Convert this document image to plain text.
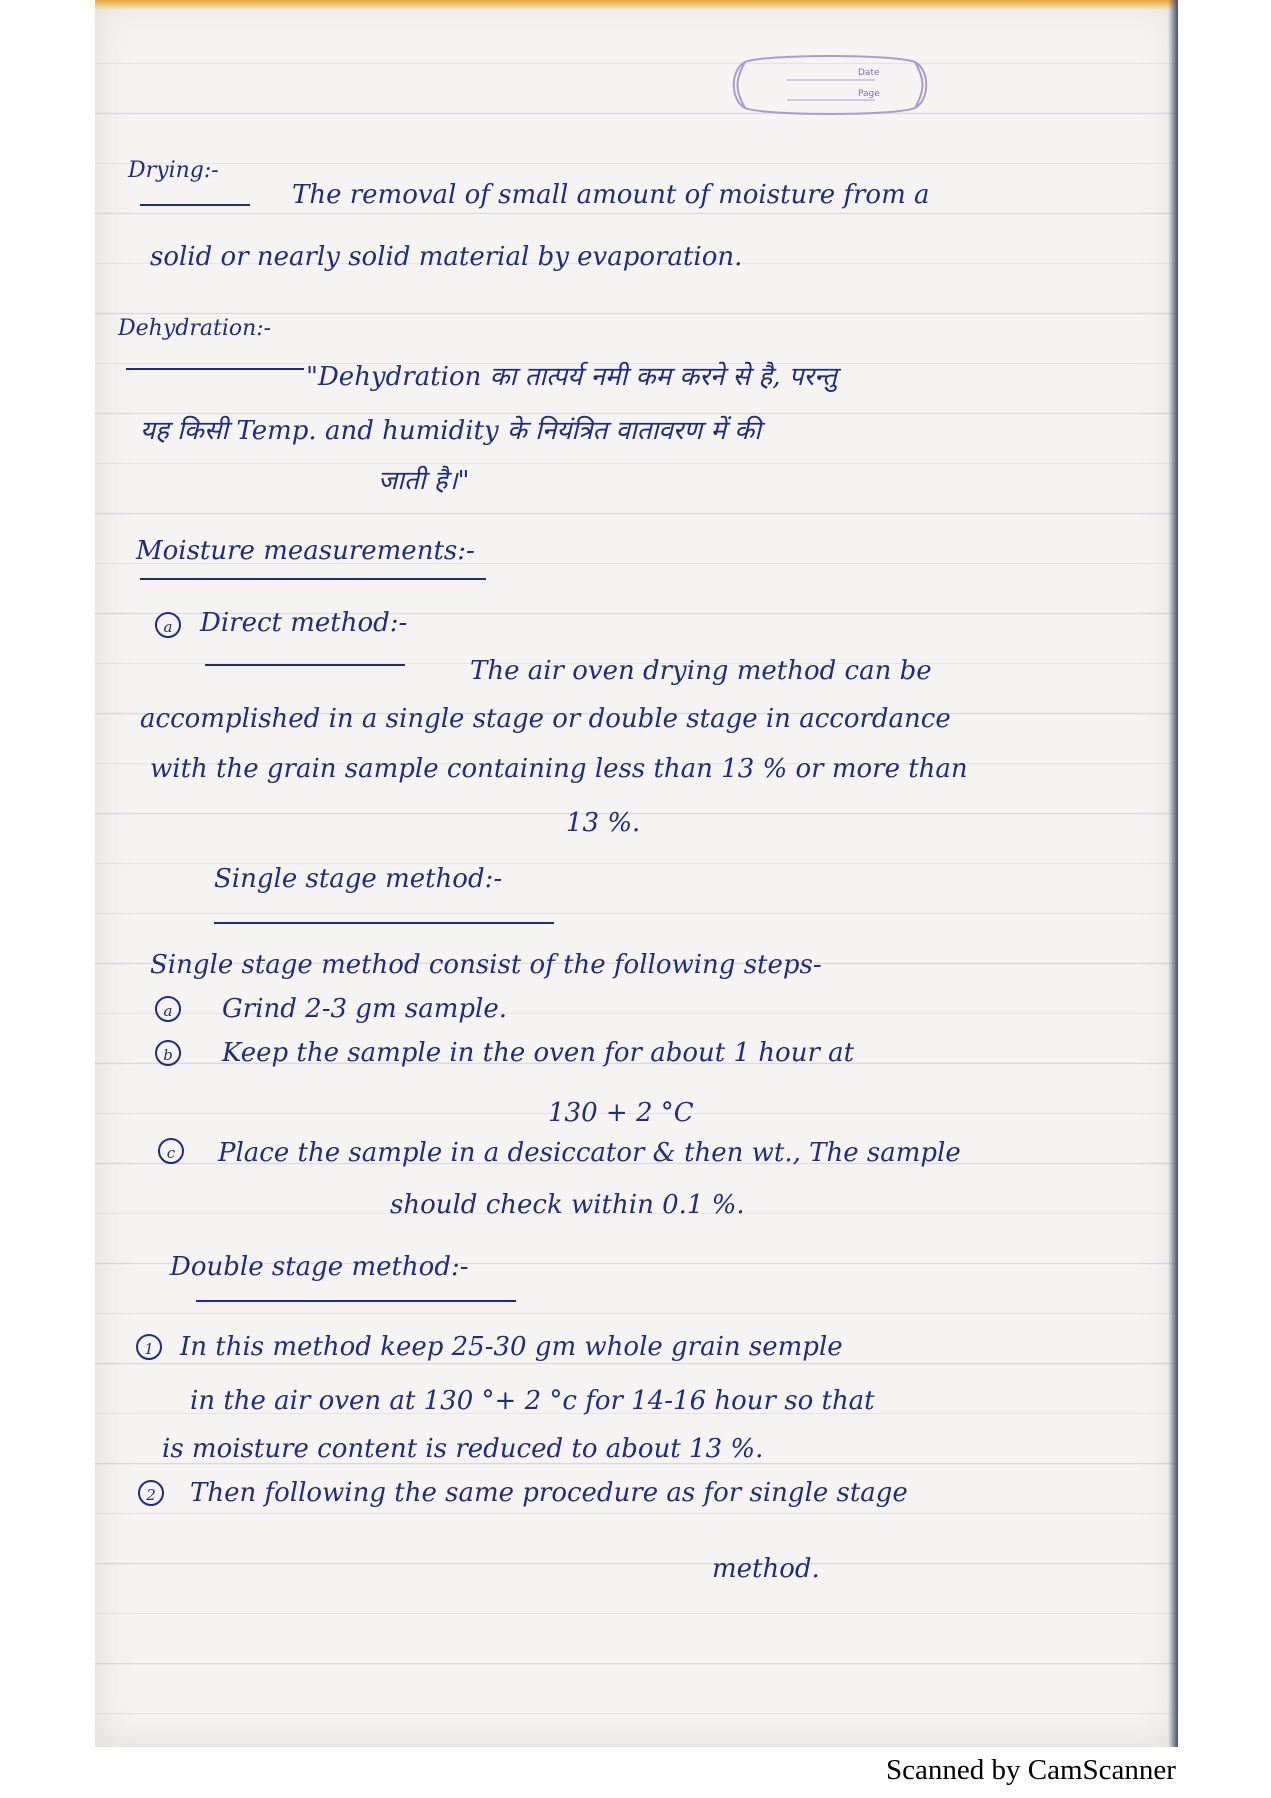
Date
Page
Drying:-
The removal of small amount of moisture from a
solid or nearly solid material by evaporation.
Dehydration:-
"Dehydration का तात्पर्य नमी कम करने से है, परन्तु
यह किसी Temp. and humidity के नियंत्रित वातावरण में की
जाती है।"
Moisture measurements:-
a	Direct method:-
The air oven drying method can be
accomplished in a single stage or double stage in accordance
with the grain sample containing less than 13 % or more than
13 %.
Single stage method:-
Single stage method consist of the following steps-
a	Grind 2-3 gm sample.
b	Keep the sample in the oven for about 1 hour at
130 + 2 °C
c	Place the sample in a desiccator & then wt., The sample
should check within 0.1 %.
Double stage method:-
1	In this method keep 25-30 gm whole grain semple
in the air oven at 130 °+ 2 °c for 14-16 hour so that
is moisture content is reduced to about 13 %.
2	Then following the same procedure as for single stage
method.
Scanned by CamScanner
